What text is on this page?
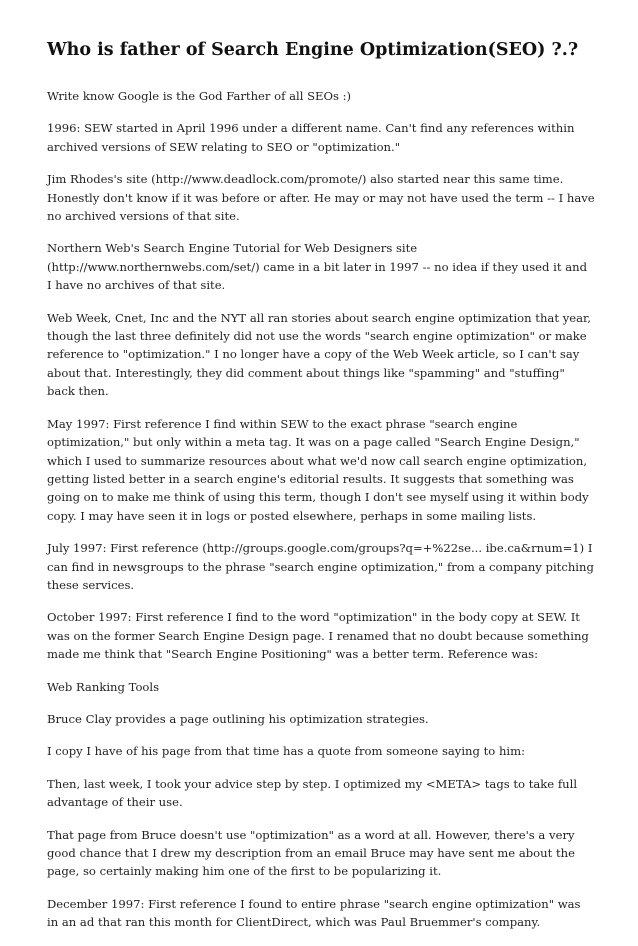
Who is father of Search Engine Optimization(SEO) ?.?

Write know Google is the God Farther of all SEOs :)

1996: SEW started in April 1996 under a different name. Can't find any references within archived versions of SEW relating to SEO or "optimization."

Jim Rhodes's site (http://www.deadlock.com/promote/) also started near this same time. Honestly don't know if it was before or after. He may or may not have used the term -- I have no archived versions of that site.

Northern Web's Search Engine Tutorial for Web Designers site (http://www.northernwebs.com/set/) came in a bit later in 1997 -- no idea if they used it and I have no archives of that site.

Web Week, Cnet, Inc and the NYT all ran stories about search engine optimization that year, though the last three definitely did not use the words "search engine optimization" or make reference to "optimization." I no longer have a copy of the Web Week article, so I can't say about that. Interestingly, they did comment about things like "spamming" and "stuffing" back then.

May 1997: First reference I find within SEW to the exact phrase "search engine optimization," but only within a meta tag. It was on a page called "Search Engine Design," which I used to summarize resources about what we'd now call search engine optimization, getting listed better in a search engine's editorial results. It suggests that something was going on to make me think of using this term, though I don't see myself using it within body copy. I may have seen it in logs or posted elsewhere, perhaps in some mailing lists.

July 1997: First reference (http://groups.google.com/groups?q=+%22se... ibe.ca&rnum=1) I can find in newsgroups to the phrase "search engine optimization," from a company pitching these services.

October 1997: First reference I find to the word "optimization" in the body copy at SEW. It was on the former Search Engine Design page. I renamed that no doubt because something made me think that "Search Engine Positioning" was a better term. Reference was:

Web Ranking Tools

Bruce Clay provides a page outlining his optimization strategies.

I copy I have of his page from that time has a quote from someone saying to him:

Then, last week, I took your advice step by step. I optimized my <META> tags to take full advantage of their use.

That page from Bruce doesn't use "optimization" as a word at all. However, there's a very good chance that I drew my description from an email Bruce may have sent me about the page, so certainly making him one of the first to be popularizing it.

December 1997: First reference I found to entire phrase "search engine optimization" was in an ad that ran this month for ClientDirect, which was Paul Bruemmer's company.
